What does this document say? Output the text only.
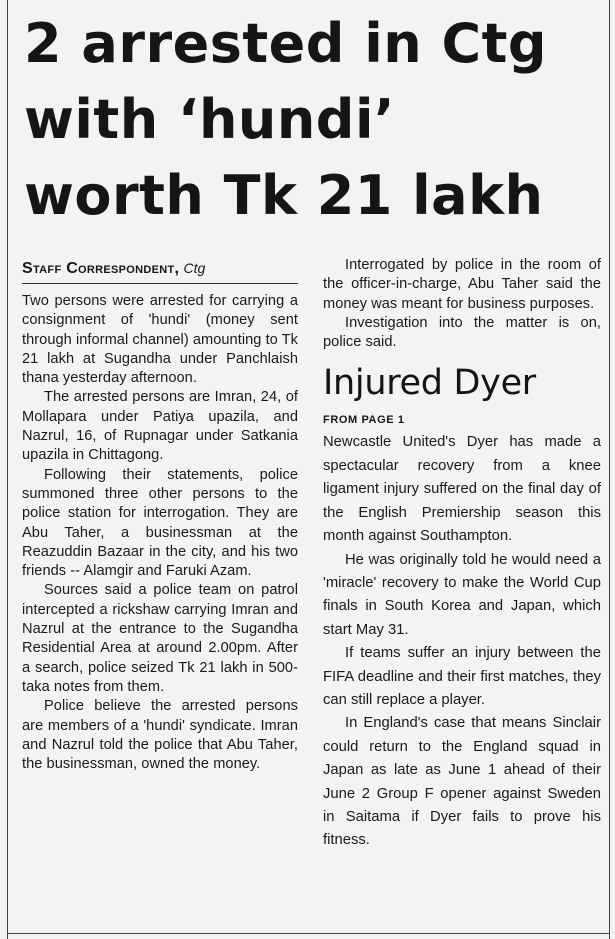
2 arrested in Ctg
with ‘hundi’
worth Tk 21 lakh
Staff Correspondent, Ctg

Two persons were arrested for carrying a consignment of 'hundi' (money sent through informal channel) amounting to Tk 21 lakh at Sugandha under Panchlaish thana yesterday afternoon.

The arrested persons are Imran, 24, of Mollapara under Patiya upazila, and Nazrul, 16, of Rupnagar under Satkania upazila in Chittagong.

Following their statements, police summoned three other persons to the police station for interrogation. They are Abu Taher, a businessman at the Reazuddin Bazaar in the city, and his two friends -- Alamgir and Faruki Azam.

Sources said a police team on patrol intercepted a rickshaw carrying Imran and Nazrul at the entrance to the Sugandha Residential Area at around 2.00pm. After a search, police seized Tk 21 lakh in 500-taka notes from them.

Police believe the arrested persons are members of a 'hundi' syndicate. Imran and Nazrul told the police that Abu Taher, the businessman, owned the money.

Interrogated by police in the room of the officer-in-charge, Abu Taher said the money was meant for business purposes.

Investigation into the matter is on, police said.

Injured Dyer
FROM PAGE 1

Newcastle United's Dyer has made a spectacular recovery from a knee ligament injury suffered on the final day of the English Premiership season this month against Southampton.

He was originally told he would need a 'miracle' recovery to make the World Cup finals in South Korea and Japan, which start May 31.

If teams suffer an injury between the FIFA deadline and their first matches, they can still replace a player.

In England's case that means Sinclair could return to the England squad in Japan as late as June 1 ahead of their June 2 Group F opener against Sweden in Saitama if Dyer fails to prove his fitness.
